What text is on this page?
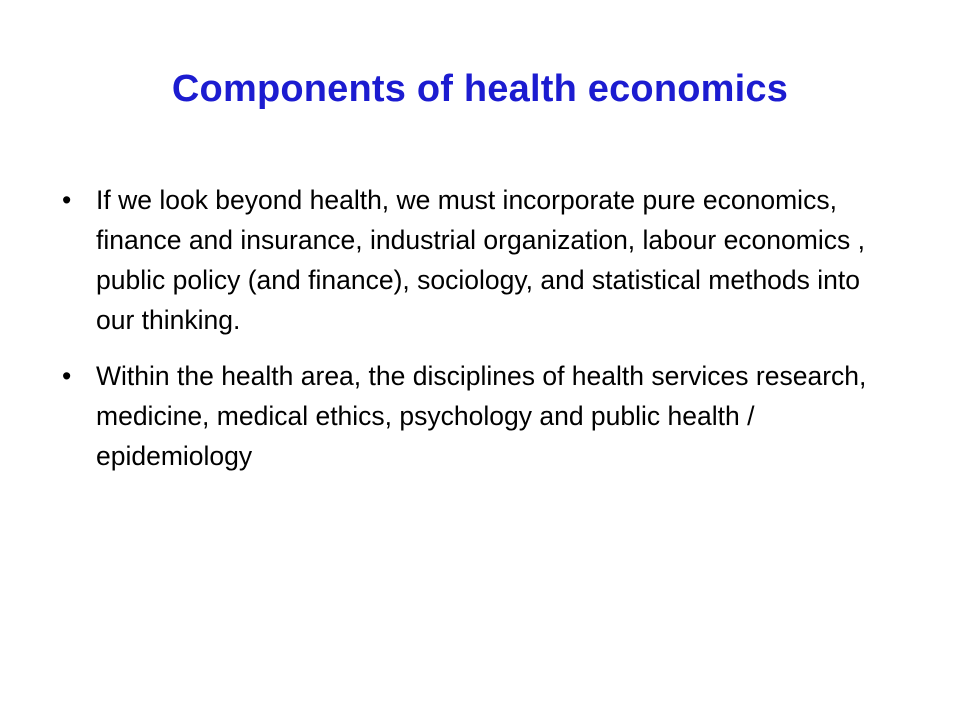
Components of health economics
• If we look beyond health, we must incorporate pure economics, finance and insurance, industrial organization, labour economics , public policy (and finance), sociology, and statistical methods into our thinking.
• Within the health area, the disciplines of health services research, medicine, medical ethics, psychology and public health / epidemiology
